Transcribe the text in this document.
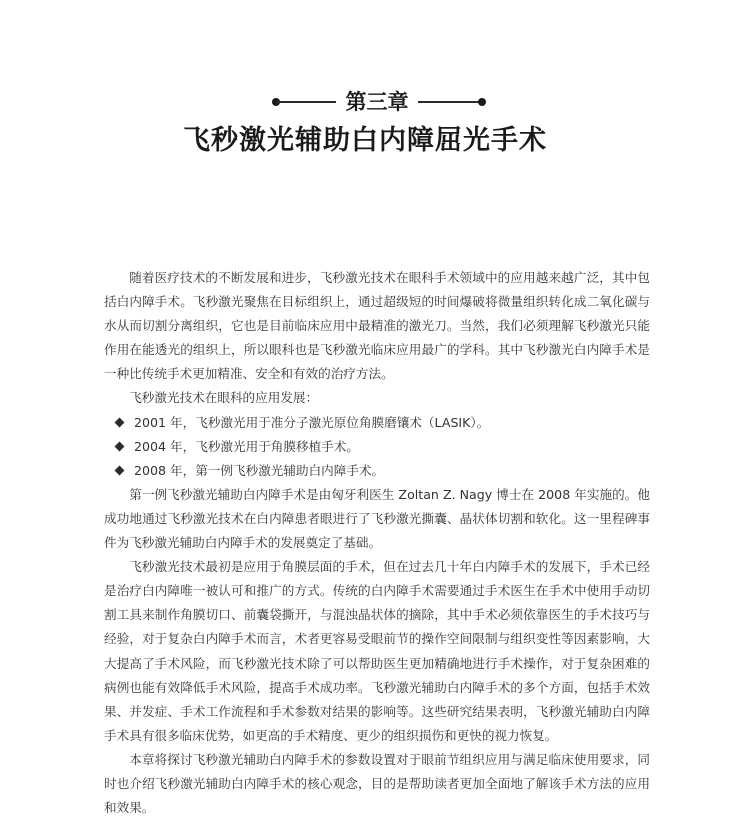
第三章
飞秒激光辅助白内障屈光手术

随着医疗技术的不断发展和进步，飞秒激光技术在眼科手术领域中的应用越来越广泛，其中包括白内障手术。飞秒激光聚焦在目标组织上，通过超级短的时间爆破将微量组织转化成二氧化碳与水从而切割分离组织，它也是目前临床应用中最精准的激光刀。当然，我们必须理解飞秒激光只能作用在能透光的组织上，所以眼科也是飞秒激光临床应用最广的学科。其中飞秒激光白内障手术是一种比传统手术更加精准、安全和有效的治疗方法。

飞秒激光技术在眼科的应用发展：

2001 年，飞秒激光用于准分子激光原位角膜磨镶术（LASIK）。
2004 年，飞秒激光用于角膜移植手术。
2008 年，第一例飞秒激光辅助白内障手术。

第一例飞秒激光辅助白内障手术是由匈牙利医生 Zoltan Z. Nagy 博士在 2008 年实施的。他成功地通过飞秒激光技术在白内障患者眼进行了飞秒激光撕囊、晶状体切割和软化。这一里程碑事件为飞秒激光辅助白内障手术的发展奠定了基础。

飞秒激光技术最初是应用于角膜层面的手术，但在过去几十年白内障手术的发展下，手术已经是治疗白内障唯一被认可和推广的方式。传统的白内障手术需要通过手术医生在手术中使用手动切割工具来制作角膜切口、前囊袋撕开，与混浊晶状体的摘除，其中手术必须依靠医生的手术技巧与经验，对于复杂白内障手术而言，术者更容易受眼前节的操作空间限制与组织变性等因素影响，大大提高了手术风险，而飞秒激光技术除了可以帮助医生更加精确地进行手术操作，对于复杂困难的病例也能有效降低手术风险，提高手术成功率。飞秒激光辅助白内障手术的多个方面，包括手术效果、并发症、手术工作流程和手术参数对结果的影响等。这些研究结果表明，飞秒激光辅助白内障手术具有很多临床优势，如更高的手术精度、更少的组织损伤和更快的视力恢复。

本章将探讨飞秒激光辅助白内障手术的参数设置对于眼前节组织应用与满足临床使用要求，同时也介绍飞秒激光辅助白内障手术的核心观念，目的是帮助读者更加全面地了解该手术方法的应用和效果。
